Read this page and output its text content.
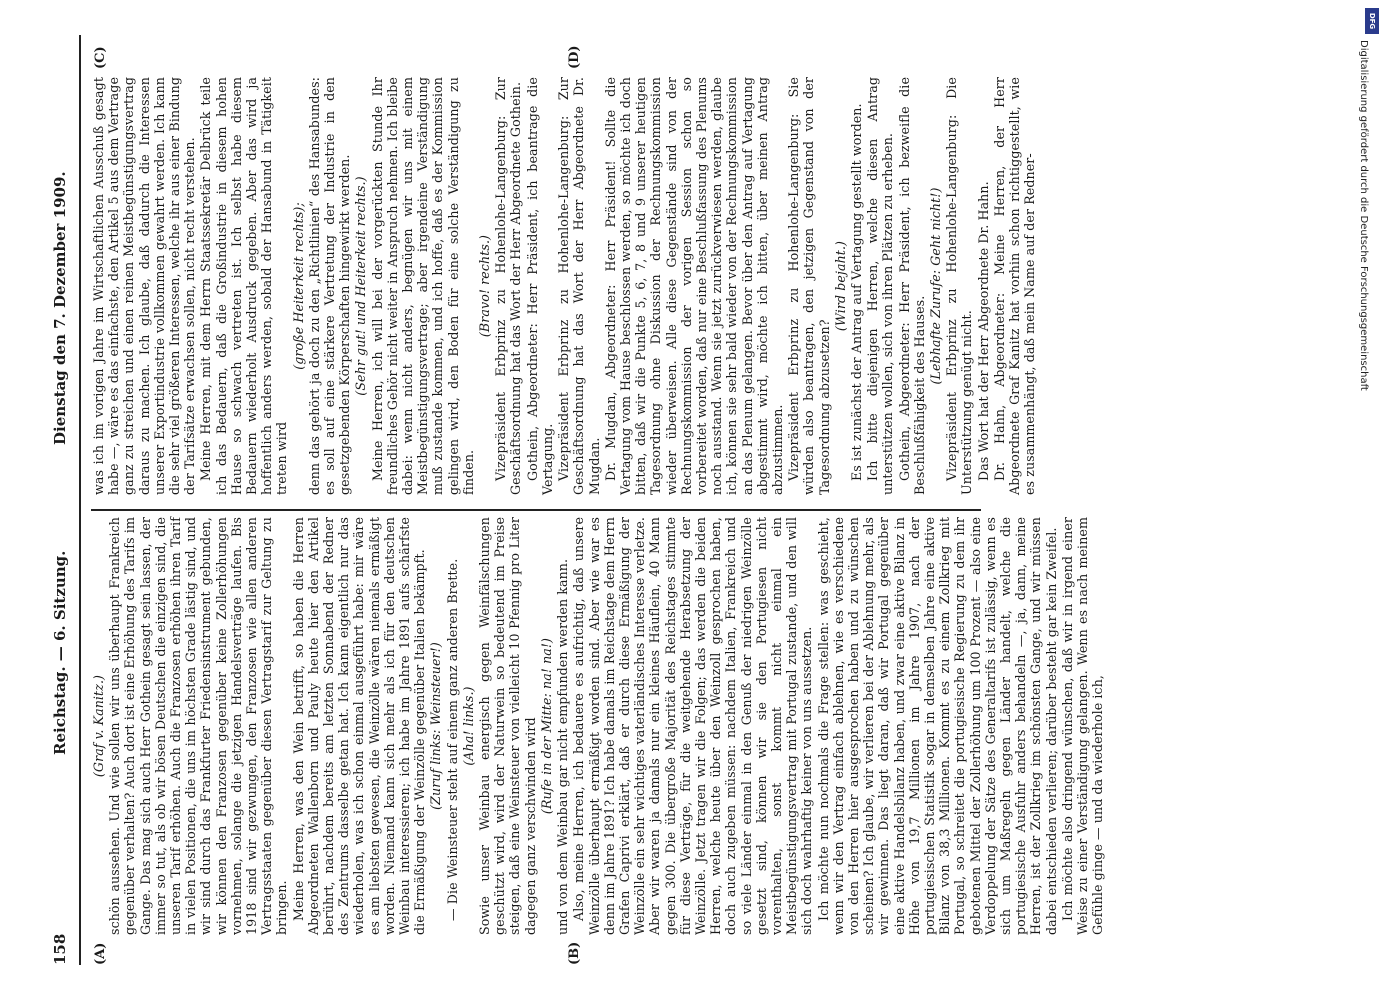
158
Reichstag. — 6. Sitzung.
Dienstag den 7. Dezember 1909.
(A)	(B)
(C)	(D)

(Graf v. Kanitz.) schön aussehen. Und wie sollen wir uns überhaupt Frankreich gegenüber verhalten? Auch dort ist eine Erhöhung des Tarifs im Gange. Das mag sich auch Herr Gothein gesagt sein lassen, der immer so tut, als ob wir bösen Deutschen die einzigen sind, die unseren Tarif erhöhen. Auch die Franzosen erhöhen ihren Tarif in vielen Positionen, die uns im höchsten Grade lästig sind, und wir sind durch das Frankfurter Friedensinstrument gebunden, wir können den Franzosen gegenüber keine Zollerhöhungen vornehmen, solange die jetzigen Handelsverträge laufen. Bis 1918 sind wir gezwungen, den Franzosen wie allen anderen Vertragsstaaten gegenüber diesen Vertragstarif zur Geltung zu bringen. Meine Herren, was den Wein betrifft, so haben die Herren Abgeordneten Wallenborn und Pauly heute hier den Artikel berührt, nachdem bereits am letzten Sonnabend der Redner des Zentrums dasselbe getan hat. Ich kann eigentlich nur das wiederholen, was ich schon einmal ausgeführt habe: mir wäre es am liebsten gewesen, die Weinzölle wären niemals ermäßigt worden. Niemand kann sich mehr als ich für den deutschen Weinbau interessieren; ich habe im Jahre 1891 aufs schärfste die Ermäßigung der Weinzölle gegenüber Italien bekämpft. (Zuruf links: Weinsteuer!) — Die Weinsteuer steht auf einem ganz anderen Brette. (Aha! links.) Sowie unser Weinbau energisch gegen Weinfälschungen geschützt wird, wird der Naturwein so bedeutend im Preise steigen, daß eine Weinsteuer von vielleicht 10 Pfennig pro Liter dagegen ganz verschwinden wird (Rufe in der Mitte: na! na!) und von dem Weinbau gar nicht empfunden werden kann. Also, meine Herren, ich bedauere es aufrichtig, daß unsere Weinzölle überhaupt ermäßigt worden sind. Aber wie war es denn im Jahre 1891? Ich habe damals im Reichstage dem Herrn Grafen Caprivi erklärt, daß er durch diese Ermäßigung der Weinzölle ein sehr wichtiges vaterländisches Interesse verletze. Aber wir waren ja damals nur ein kleines Häuflein, 40 Mann gegen 300. Die übergroße Majorität des Reichstages stimmte für diese Verträge, für die weitgehende Herabsetzung der Weinzölle. Jetzt tragen wir die Folgen; das werden die beiden Herren, welche heute über den Weinzoll gesprochen haben, doch auch zugeben müssen: nachdem Italien, Frankreich und so viele Länder einmal in den Genuß der niedrigen Weinzölle gesetzt sind, können wir sie den Portugiesen nicht vorenthalten, sonst kommt nicht einmal ein Meistbegünstigungsvertrag mit Portugal zustande, und den will sich doch wahrhaftig keiner von uns aussetzen. Ich möchte nun nochmals die Frage stellen: was geschieht, wenn wir den Vertrag einfach ablehnen, wie es verschiedene von den Herren hier ausgesprochen haben und zu wünschen scheinen? Ich glaube, wir verlieren bei der Ablehnung mehr, als wir gewinnen. Das liegt daran, daß wir Portugal gegenüber eine aktive Handelsbilanz haben, und zwar eine aktive Bilanz in Höhe von 19,7 Millionen im Jahre 1907, nach der portugiesischen Statistik sogar in demselben Jahre eine aktive Bilanz von 38,3 Millionen. Kommt es zu einem Zollkrieg mit Portugal, so schreitet die portugiesische Regierung zu dem ihr gebotenen Mittel der Zollerhöhung um 100 Prozent — also eine Verdoppelung der Sätze des Generaltarifs ist zulässig, wenn es sich um Maßregeln gegen Länder handelt, welche die portugiesische Ausfuhr anders behandeln —, ja, dann, meine Herren, ist der Zollkrieg im schönsten Gange, und wir müssen dabei entschieden verlieren; darüber besteht gar kein Zweifel. Ich möchte also dringend wünschen, daß wir in irgend einer Weise zu einer Verständigung gelangen. Wenn es nach meinem Gefühle ginge — und da wiederhole ich,

was ich im vorigen Jahre im Wirtschaftlichen Ausschuß gesagt habe —, wäre es das einfachste, den Artikel 5 aus dem Vertrage ganz zu streichen und einen reinen Meistbegünstigungsvertrag daraus zu machen. Ich glaube, daß dadurch die Interessen unserer Exportindustrie vollkommen gewahrt werden. Ich kann die sehr viel größeren Interessen, welche ihr aus einer Bindung der Tarifsätze erwachsen sollen, nicht recht verstehen. Meine Herren, mit dem Herrn Staatssekretär Delbrück teile ich das Bedauern, daß die Großindustrie in diesem hohen Hause so schwach vertreten ist. Ich selbst habe diesem Bedauern wiederholt Ausdruck gegeben. Aber das wird ja hoffentlich anders werden, sobald der Hansabund in Tätigkeit treten wird

(große Heiterkeit rechts); denn das gehört ja doch zu den „Richtlinien“ des Hansabundes: es soll auf eine stärkere Vertretung der Industrie in den gesetzgebenden Körperschaften hingewirkt werden. (Sehr gut! und Heiterkeit rechts.) Meine Herren, ich will bei der vorgerückten Stunde Ihr freundliches Gehör nicht weiter in Anspruch nehmen. Ich bleibe dabei: wenn nicht anders, begnügen wir uns mit einem Meistbegünstigungsvertrage; aber irgendeine Verständigung muß zustande kommen, und ich hoffe, daß es der Kommission gelingen wird, den Boden für eine solche Verständigung zu finden.

(Bravo! rechts.) Vizepräsident Erbprinz zu Hohenlohe-Langenburg: Zur Geschäftsordnung hat das Wort der Herr Abgeordnete Gothein. Gothein, Abgeordneter: Herr Präsident, ich beantrage die Vertagung. Vizepräsident Erbprinz zu Hohenlohe-Langenburg: Zur Geschäftsordnung hat das Wort der Herr Abgeordnete Dr. Mugdan. Dr. Mugdan, Abgeordneter: Herr Präsident! Sollte die Vertagung vom Hause beschlossen werden, so möchte ich doch bitten, daß wir die Punkte 5, 6, 7, 8 und 9 unserer heutigen Tagesordnung ohne Diskussion der Rechnungskommission wieder überweisen. Alle diese Gegenstände sind von der Rechnungskommission der vorigen Session schon so vorbereitet worden, daß nur eine Beschlußfassung des Plenums noch ausstand. Wenn sie jetzt zurückverwiesen werden, glaube ich, können sie sehr bald wieder von der Rechnungskommission an das Plenum gelangen. Bevor über den Antrag auf Vertagung abgestimmt wird, möchte ich bitten, über meinen Antrag abzustimmen. Vizepräsident Erbprinz zu Hohenlohe-Langenburg: Sie würden also beantragen, den jetzigen Gegenstand von der Tagesordnung abzusetzen?

(Wird bejaht.) Es ist zunächst der Antrag auf Vertagung gestellt worden. Ich bitte diejenigen Herren, welche diesen Antrag unterstützen wollen, sich von ihren Plätzen zu erheben. Gothein, Abgeordneter: Herr Präsident, ich bezweifle die Beschlußfähigkeit des Hauses.

(Lebhafte Zurufe: Geht nicht!) Vizepräsident Erbprinz zu Hohenlohe-Langenburg: Die Unterstützung genügt nicht. Das Wort hat der Herr Abgeordnete Dr. Hahn. Dr. Hahn, Abgeordneter: Meine Herren, der Herr Abgeordnete Graf Kanitz hat vorhin schon richtiggestellt, wie es zusammenhängt, daß mein Name auf der Redner-

DFG
Digitalisierung gefördert durch die Deutsche Forschungsgemeinschaft
